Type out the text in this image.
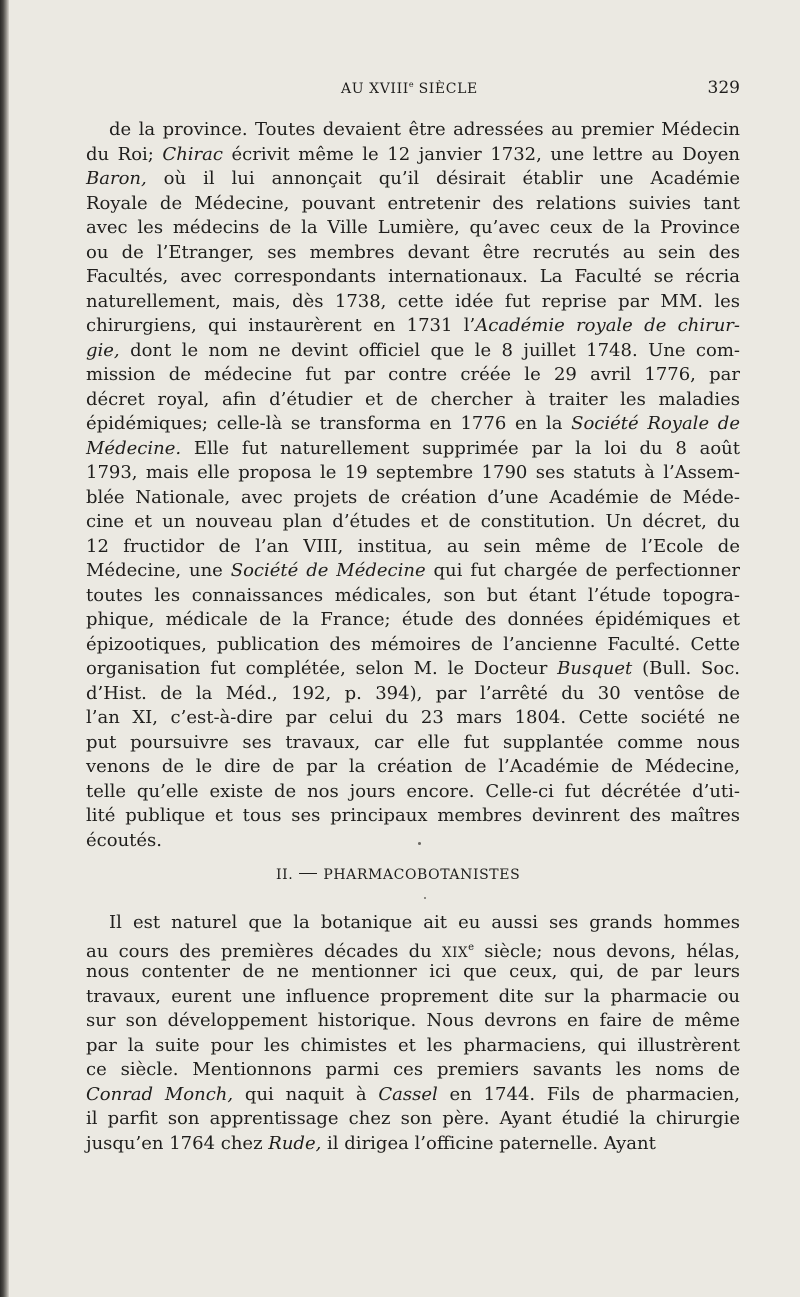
AU XVIIIe SIÈCLE	329
de la province. Toutes devaient être adressées au premier Médecin
du Roi; Chirac écrivit même le 12 janvier 1732, une lettre au Doyen
Baron, où il lui annonçait qu’il désirait établir une Académie
Royale de Médecine, pouvant entretenir des relations suivies tant
avec les médecins de la Ville Lumière, qu’avec ceux de la Province
ou de l’Etranger, ses membres devant être recrutés au sein des
Facultés, avec correspondants internationaux. La Faculté se récria
naturellement, mais, dès 1738, cette idée fut reprise par MM. les
chirurgiens, qui instaurèrent en 1731 l’Académie royale de chirur-
gie, dont le nom ne devint officiel que le 8 juillet 1748. Une com-
mission de médecine fut par contre créée le 29 avril 1776, par
décret royal, afin d’étudier et de chercher à traiter les maladies
épidémiques; celle-là se transforma en 1776 en la Société Royale de
Médecine. Elle fut naturellement supprimée par la loi du 8 août
1793, mais elle proposa le 19 septembre 1790 ses statuts à l’Assem-
blée Nationale, avec projets de création d’une Académie de Méde-
cine et un nouveau plan d’études et de constitution. Un décret, du
12 fructidor de l’an VIII, institua, au sein même de l’Ecole de
Médecine, une Société de Médecine qui fut chargée de perfectionner
toutes les connaissances médicales, son but étant l’étude topogra-
phique, médicale de la France; étude des données épidémiques et
épizootiques, publication des mémoires de l’ancienne Faculté. Cette
organisation fut complétée, selon M. le Docteur Busquet (Bull. Soc.
d’Hist. de la Méd., 192, p. 394), par l’arrêté du 30 ventôse de
l’an XI, c’est-à-dire par celui du 23 mars 1804. Cette société ne
put poursuivre ses travaux, car elle fut supplantée comme nous
venons de le dire de par la création de l’Académie de Médecine,
telle qu’elle existe de nos jours encore. Celle-ci fut décrétée d’uti-
lité publique et tous ses principaux membres devinrent des maîtres
écoutés.
II. PHARMACOBOTANISTES
Il est naturel que la botanique ait eu aussi ses grands hommes
au cours des premières décades du XIXe siècle; nous devons, hélas,
nous contenter de ne mentionner ici que ceux, qui, de par leurs
travaux, eurent une influence proprement dite sur la pharmacie ou
sur son développement historique. Nous devrons en faire de même
par la suite pour les chimistes et les pharmaciens, qui illustrèrent
ce siècle. Mentionnons parmi ces premiers savants les noms de
Conrad Monch, qui naquit à Cassel en 1744. Fils de pharmacien,
il parfit son apprentissage chez son père. Ayant étudié la chirurgie
jusqu’en 1764 chez Rude, il dirigea l’officine paternelle. Ayant
